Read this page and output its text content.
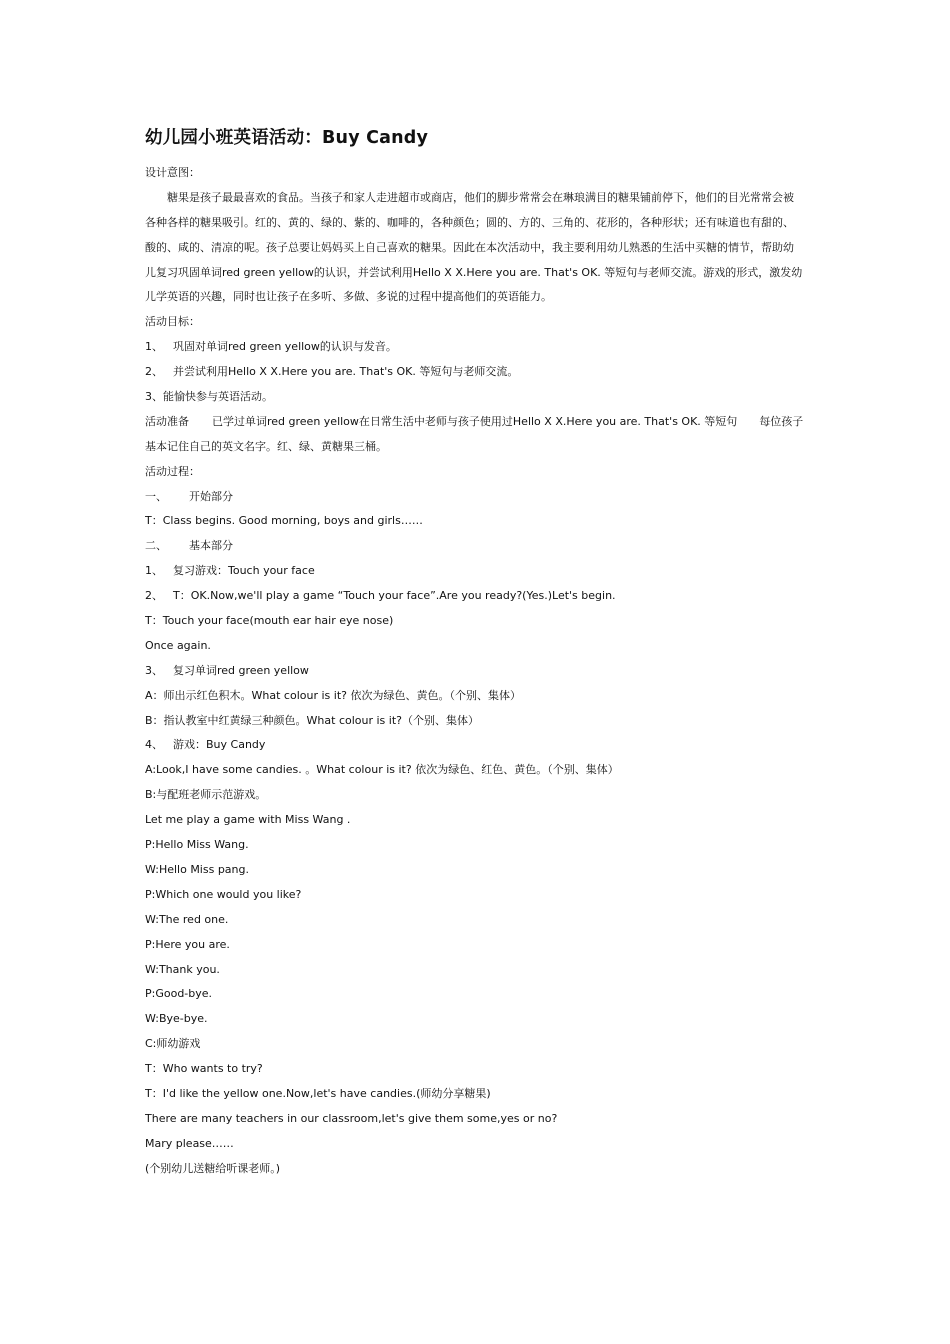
幼儿园小班英语活动：Buy Candy
设计意图：
糖果是孩子最最喜欢的食品。当孩子和家人走进超市或商店，他们的脚步常常会在琳琅满目的糖果铺前停下，他们的目光常常会被
各种各样的糖果吸引。红的、黄的、绿的、紫的、咖啡的，各种颜色；圆的、方的、三角的、花形的，各种形状；还有味道也有甜的、
酸的、咸的、清凉的呢。孩子总要让妈妈买上自己喜欢的糖果。因此在本次活动中，我主要利用幼儿熟悉的生活中买糖的情节，帮助幼
儿复习巩固单词red green yellow的认识，并尝试利用Hello X X.Here you are. That's OK. 等短句与老师交流。游戏的形式，激发幼
儿学英语的兴趣，同时也让孩子在多听、多做、多说的过程中提高他们的英语能力。
活动目标：
1、 巩固对单词red green yellow的认识与发音。
2、 并尝试利用Hello X X.Here you are. That's OK. 等短句与老师交流。
3、能愉快参与英语活动。
活动准备 已学过单词red green yellow在日常生活中老师与孩子使用过Hello X X.Here you are. That's OK. 等短句 每位孩子
基本记住自己的英文名字。红、绿、黄糖果三桶。
活动过程：
一、 开始部分
T：Class begins. Good morning, boys and girls……
二、 基本部分
1、 复习游戏：Touch your face
2、 T：OK.Now,we'll play a game “Touch your face”.Are you ready?(Yes.)Let's begin.
T：Touch your face(mouth ear hair eye nose)
Once again.
3、 复习单词red green yellow
A：师出示红色积木。What colour is it? 依次为绿色、黄色。（个别、集体）
B：指认教室中红黄绿三种颜色。What colour is it?（个别、集体）
4、 游戏：Buy Candy
A:Look,I have some candies. 。What colour is it? 依次为绿色、红色、黄色。（个别、集体）
B:与配班老师示范游戏。
Let me play a game with Miss Wang .
P:Hello Miss Wang.
W:Hello Miss pang.
P:Which one would you like?
W:The red one.
P:Here you are.
W:Thank you.
P:Good-bye.
W:Bye-bye.
C:师幼游戏
T：Who wants to try?
T：I'd like the yellow one.Now,let's have candies.(师幼分享糖果)
There are many teachers in our classroom,let's give them some,yes or no?
Mary please……
(个别幼儿送糖给听课老师。)
